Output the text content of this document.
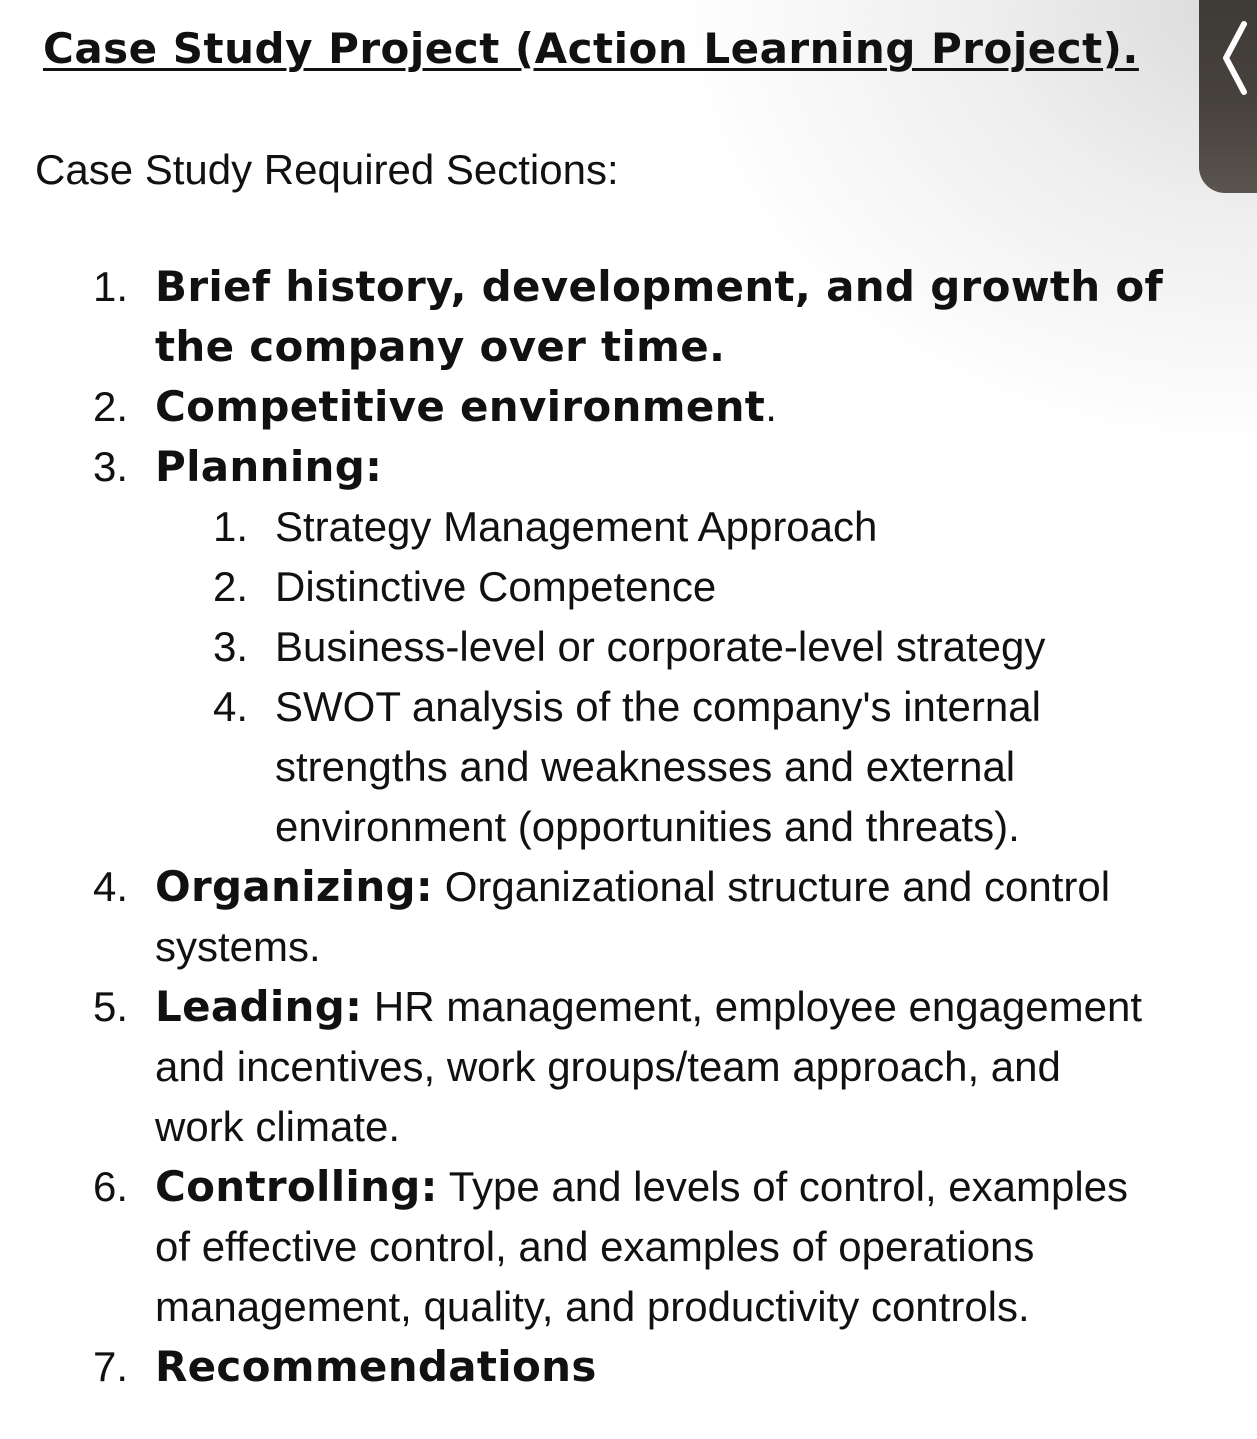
Case Study Project (Action Learning Project).
Case Study Required Sections:
1. Brief history, development, and growth of
the company over time.
2. Competitive environment.
3. Planning:
1. Strategy Management Approach
2. Distinctive Competence
3. Business-level or corporate-level strategy
4. SWOT analysis of the company's internal
strengths and weaknesses and external
environment (opportunities and threats).
4. Organizing: Organizational structure and control
systems.
5. Leading: HR management, employee engagement
and incentives, work groups/team approach, and
work climate.
6. Controlling: Type and levels of control, examples
of effective control, and examples of operations
management, quality, and productivity controls.
7. Recommendations
